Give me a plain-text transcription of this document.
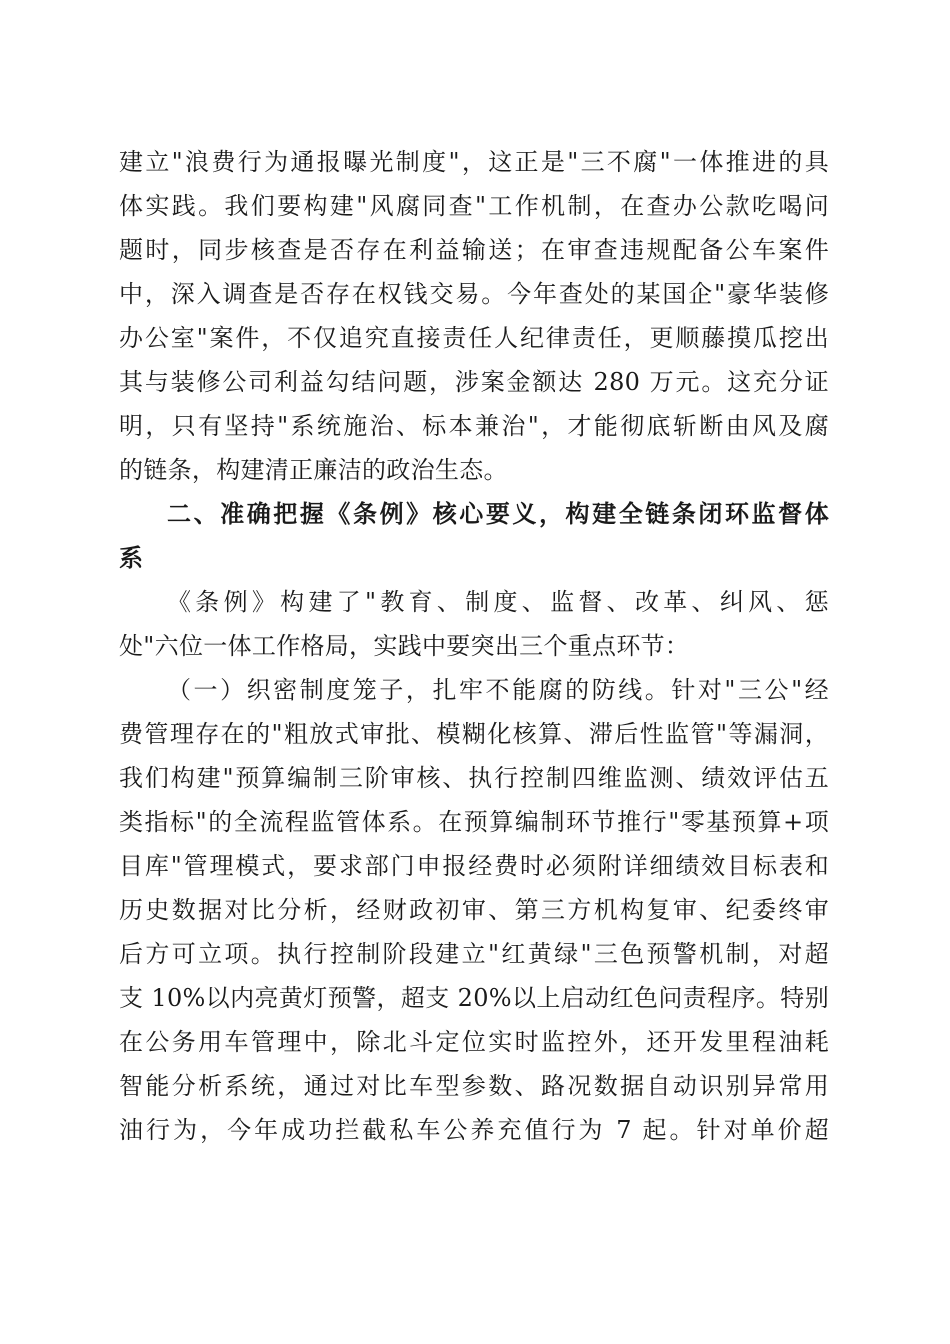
建立"浪费行为通报曝光制度"，这正是"三不腐"一体推进的具
体实践。我们要构建"风腐同查"工作机制，在查办公款吃喝问
题时，同步核查是否存在利益输送；在审查违规配备公车案件
中，深入调查是否存在权钱交易。今年查处的某国企"豪华装修
办公室"案件，不仅追究直接责任人纪律责任，更顺藤摸瓜挖出
其与装修公司利益勾结问题，涉案金额达 280 万元。这充分证
明，只有坚持"系统施治、标本兼治"，才能彻底斩断由风及腐
的链条，构建清正廉洁的政治生态。
二、准确把握《条例》核心要义，构建全链条闭环监督体
系
《条例》构建了"教育、制度、监督、改革、纠风、惩
处"六位一体工作格局，实践中要突出三个重点环节：
（一）织密制度笼子，扎牢不能腐的防线。针对"三公"经
费管理存在的"粗放式审批、模糊化核算、滞后性监管"等漏洞，
我们构建"预算编制三阶审核、执行控制四维监测、绩效评估五
类指标"的全流程监管体系。在预算编制环节推行"零基预算+项
目库"管理模式，要求部门申报经费时必须附详细绩效目标表和
历史数据对比分析，经财政初审、第三方机构复审、纪委终审
后方可立项。执行控制阶段建立"红黄绿"三色预警机制，对超
支 10%以内亮黄灯预警，超支 20%以上启动红色问责程序。特别
在公务用车管理中，除北斗定位实时监控外，还开发里程油耗
智能分析系统，通过对比车型参数、路况数据自动识别异常用
油行为，今年成功拦截私车公养充值行为 7 起。针对单价超
